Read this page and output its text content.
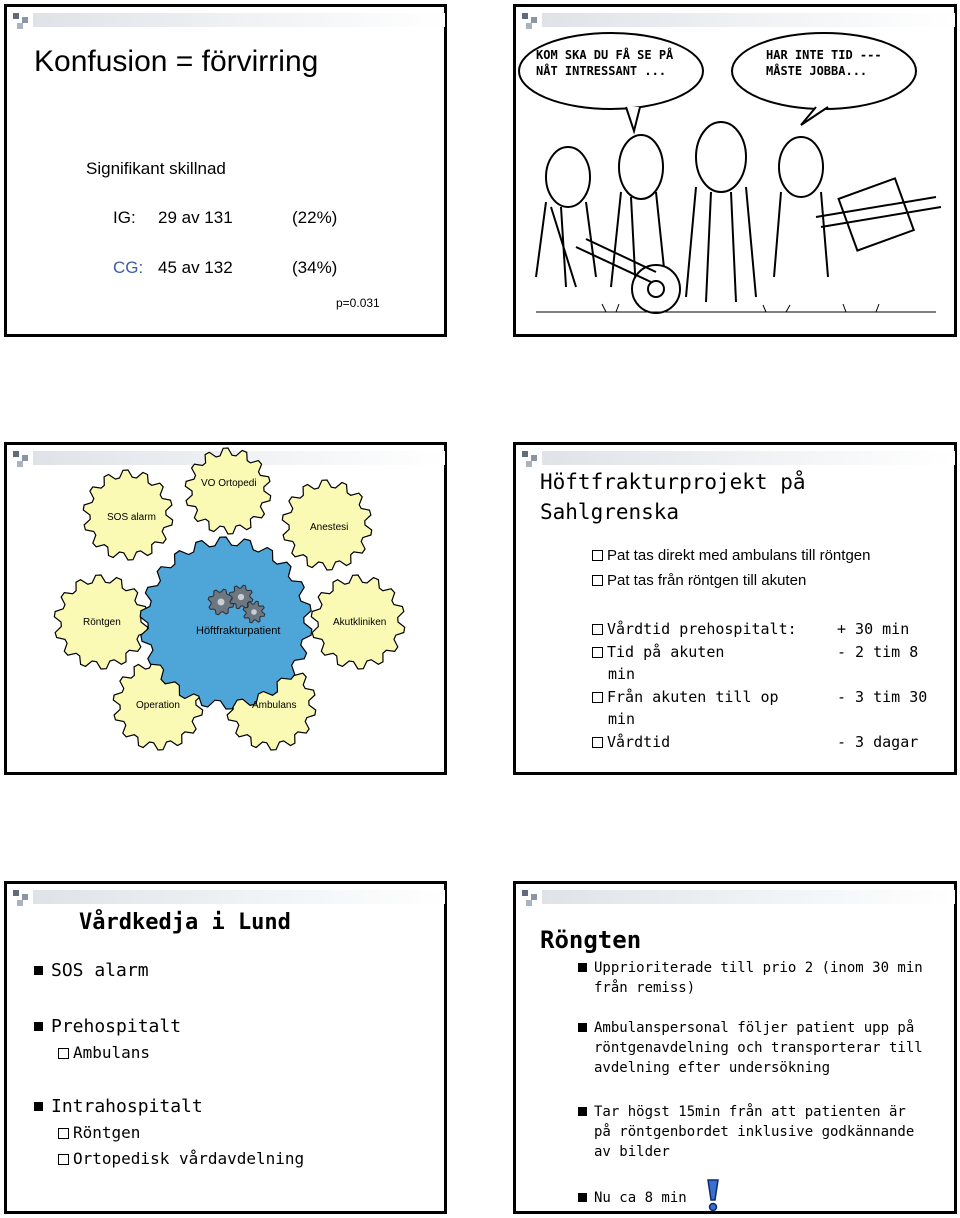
Konfusion = förvirring
Signifikant skillnad
IG: 29 av 131	(22%)
CG: 45 av 132	(34%)
p=0.031
KOM SKA DU FÅ SE PÅ NÅT INTRESSANT ...
HAR INTE TID --- MÅSTE JOBBA...
VO Ortopedi
SOS alarm
Anestesi
Röntgen	Akutkliniken
Operation	Ambulans
Höftfrakturpatient
Höftfrakturprojekt på Sahlgrenska
Pat tas direkt med ambulans till röntgen
Pat tas från röntgen till akuten
Vårdtid prehospitalt:	+ 30 min
Tid på akuten	- 2 tim 8
min
Från akuten till op	- 3 tim 30
min
Vårdtid	- 3 dagar
Vårdkedja i Lund
SOS alarm
Prehospitalt
Ambulans
Intrahospitalt
Röntgen
Ortopedisk vårdavdelning
Röngten
Upprioriterade till prio 2 (inom 30 min från remiss)
Ambulanspersonal följer patient upp på röntgenavdelning och transporterar till avdelning efter undersökning
Tar högst 15min från att patienten är på röntgenbordet inklusive godkännande av bilder
Nu ca 8 min
